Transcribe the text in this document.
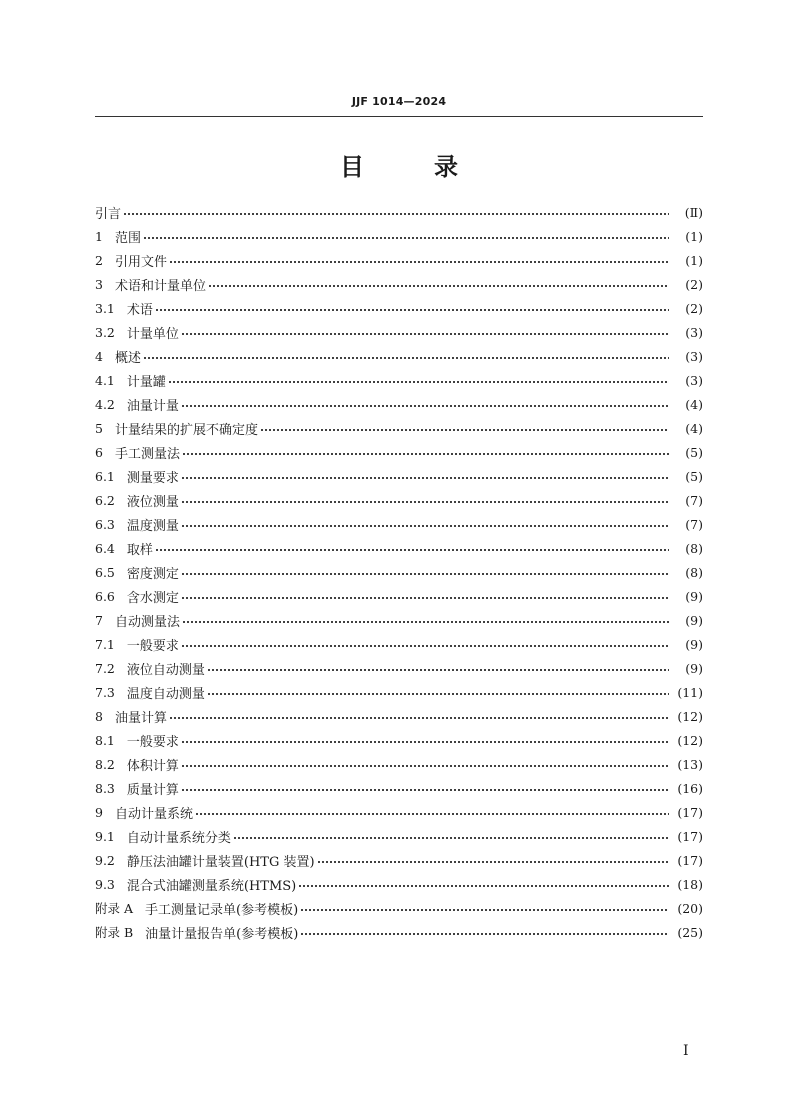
JJF 1014—2024
目	录
引言	(Ⅱ)
1 范围	(1)
2 引用文件	(1)
3 术语和计量单位	(2)
3.1 术语	(2)
3.2 计量单位	(3)
4 概述	(3)
4.1 计量罐	(3)
4.2 油量计量	(4)
5 计量结果的扩展不确定度	(4)
6 手工测量法	(5)
6.1 测量要求	(5)
6.2 液位测量	(7)
6.3 温度测量	(7)
6.4 取样	(8)
6.5 密度测定	(8)
6.6 含水测定	(9)
7 自动测量法	(9)
7.1 一般要求	(9)
7.2 液位自动测量	(9)
7.3 温度自动测量	(11)
8 油量计算	(12)
8.1 一般要求	(12)
8.2 体积计算	(13)
8.3 质量计算	(16)
9 自动计量系统	(17)
9.1 自动计量系统分类	(17)
9.2 静压法油罐计量装置(HTG 装置)	(17)
9.3 混合式油罐测量系统(HTMS)	(18)
附录 A 手工测量记录单(参考模板)	(20)
附录 B 油量计量报告单(参考模板)	(25)
I
